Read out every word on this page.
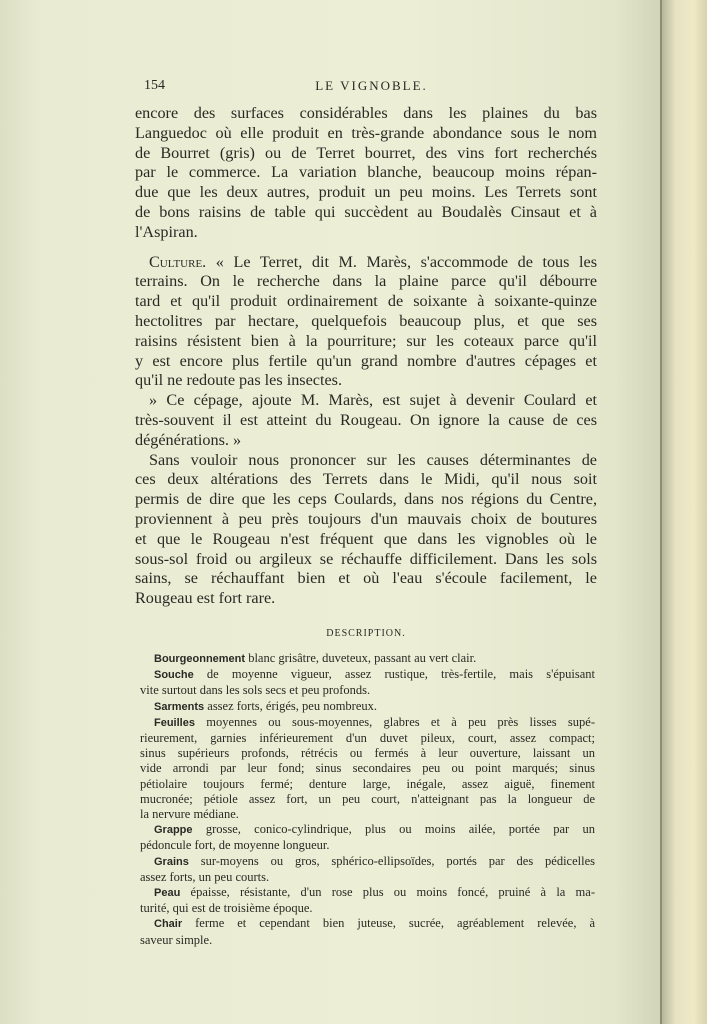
154	LE VIGNOBLE.
encore des surfaces considérables dans les plaines du bas
Languedoc où elle produit en très-grande abondance sous le nom
de Bourret (gris) ou de Terret bourret, des vins fort recherchés
par le commerce. La variation blanche, beaucoup moins répan-
due que les deux autres, produit un peu moins. Les Terrets sont
de bons raisins de table qui succèdent au Boudalès Cinsaut et à
l'Aspiran.
Culture. « Le Terret, dit M. Marès, s'accommode de tous les
terrains. On le recherche dans la plaine parce qu'il débourre
tard et qu'il produit ordinairement de soixante à soixante-quinze
hectolitres par hectare, quelquefois beaucoup plus, et que ses
raisins résistent bien à la pourriture; sur les coteaux parce qu'il
y est encore plus fertile qu'un grand nombre d'autres cépages et
qu'il ne redoute pas les insectes.
» Ce cépage, ajoute M. Marès, est sujet à devenir Coulard et
très-souvent il est atteint du Rougeau. On ignore la cause de ces
dégénérations. »
Sans vouloir nous prononcer sur les causes déterminantes de
ces deux altérations des Terrets dans le Midi, qu'il nous soit
permis de dire que les ceps Coulards, dans nos régions du Centre,
proviennent à peu près toujours d'un mauvais choix de boutures
et que le Rougeau n'est fréquent que dans les vignobles où le
sous-sol froid ou argileux se réchauffe difficilement. Dans les sols
sains, se réchauffant bien et où l'eau s'écoule facilement, le
Rougeau est fort rare.
DESCRIPTION.
Bourgeonnement blanc grisâtre, duveteux, passant au vert clair.
Souche de moyenne vigueur, assez rustique, très-fertile, mais s'épuisant
vite surtout dans les sols secs et peu profonds.
Sarments assez forts, érigés, peu nombreux.
Feuilles moyennes ou sous-moyennes, glabres et à peu près lisses supé-
rieurement, garnies inférieurement d'un duvet pileux, court, assez compact;
sinus supérieurs profonds, rétrécis ou fermés à leur ouverture, laissant un
vide arrondi par leur fond; sinus secondaires peu ou point marqués; sinus
pétiolaire toujours fermé; denture large, inégale, assez aiguë, finement
mucronée; pétiole assez fort, un peu court, n'atteignant pas la longueur de
la nervure médiane.
Grappe grosse, conico-cylindrique, plus ou moins ailée, portée par un
pédoncule fort, de moyenne longueur.
Grains sur-moyens ou gros, sphérico-ellipsoïdes, portés par des pédicelles
assez forts, un peu courts.
Peau épaisse, résistante, d'un rose plus ou moins foncé, pruiné à la ma-
turité, qui est de troisième époque.
Chair ferme et cependant bien juteuse, sucrée, agréablement relevée, à
saveur simple.
